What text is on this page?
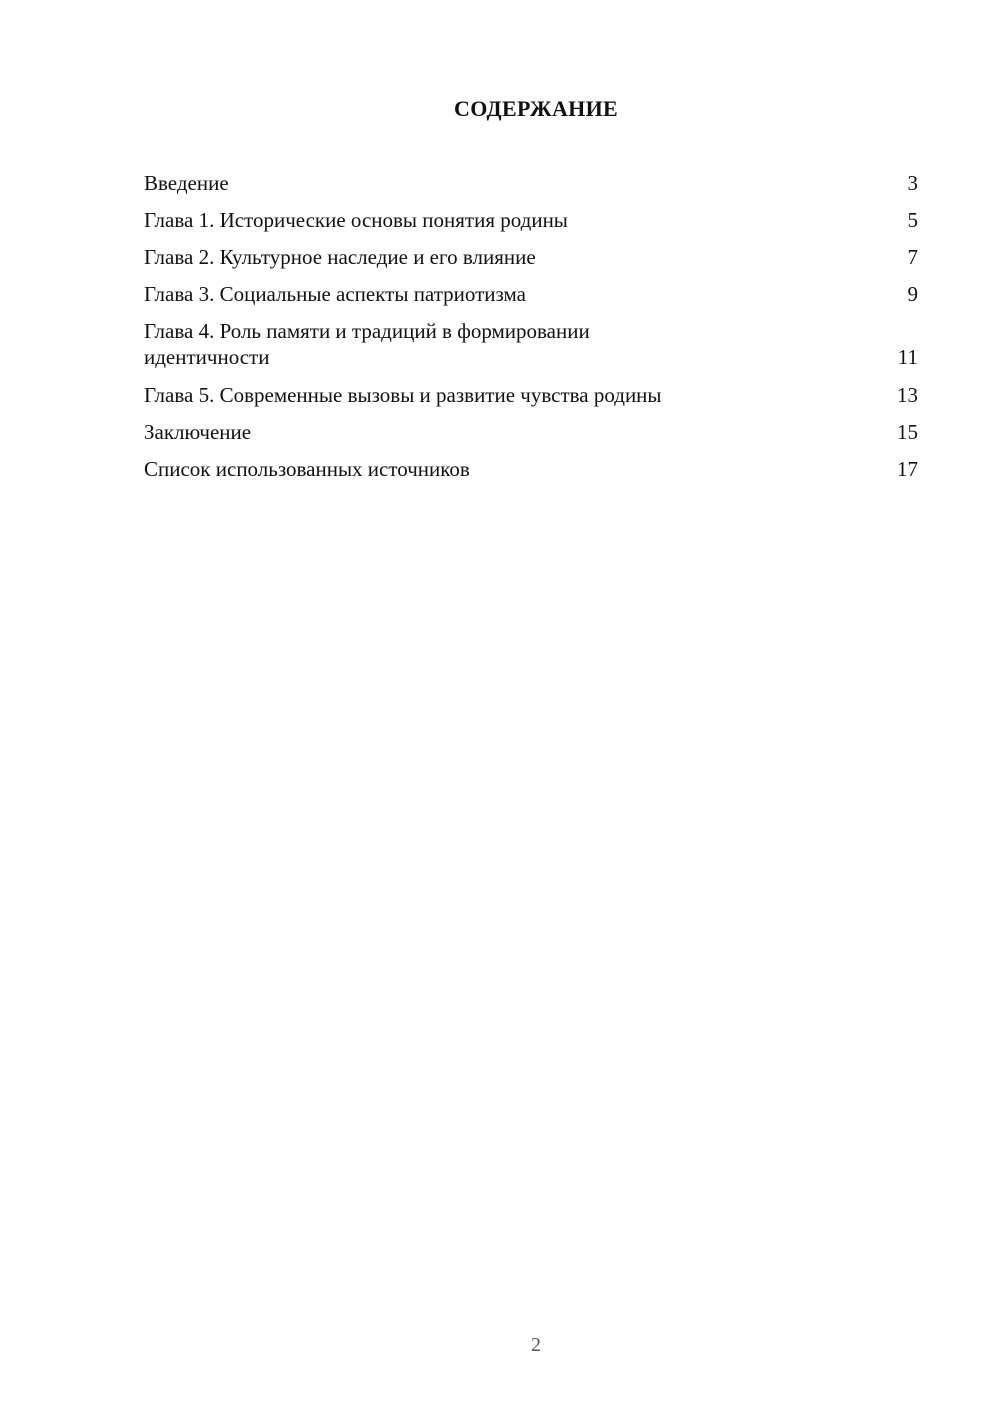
СОДЕРЖАНИЕ
Введение	3
Глава 1. Исторические основы понятия родины	5
Глава 2. Культурное наследие и его влияние	7
Глава 3. Социальные аспекты патриотизма	9
Глава 4. Роль памяти и традиций в формировании идентичности	11
Глава 5. Современные вызовы и развитие чувства родины	13
Заключение	15
Список использованных источников	17
2
